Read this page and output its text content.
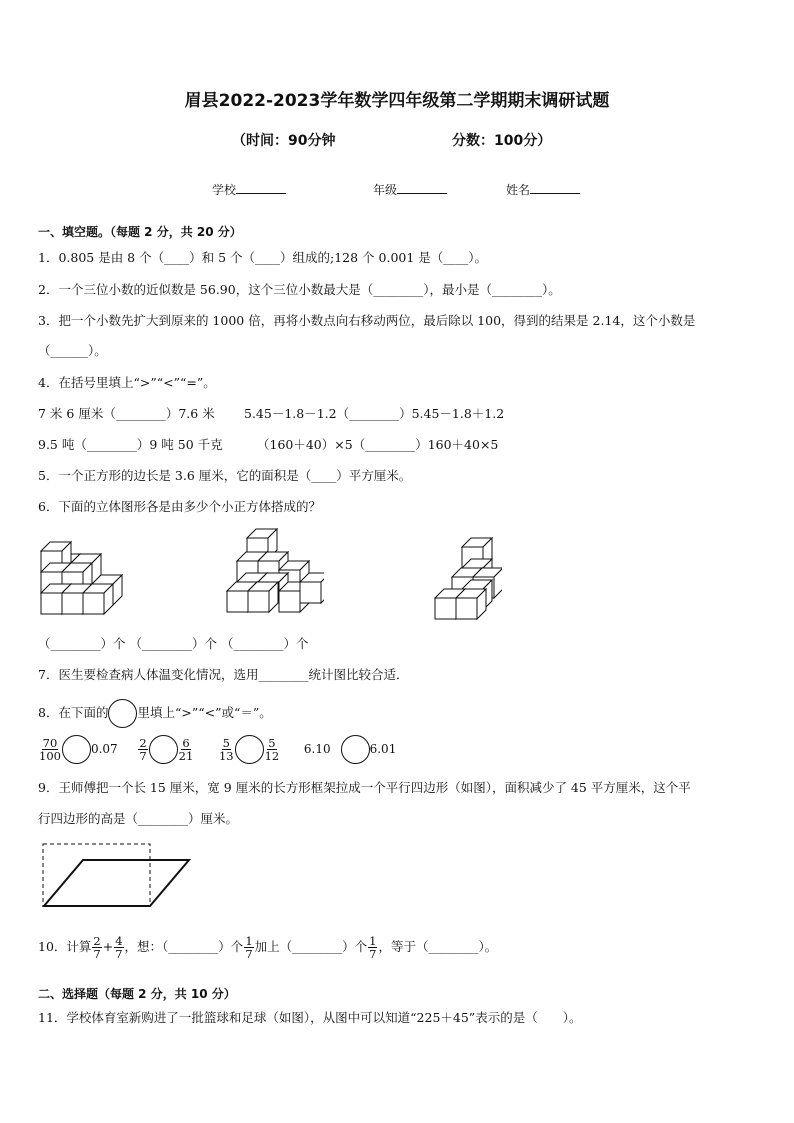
眉县2022-2023学年数学四年级第二学期期末调研试题
（时间：90分钟	分数：100分）
学校	年级	姓名
一、填空题。（每题 2 分，共 20 分）
1．0.805 是由 8 个（____）和 5 个（____）组成的;128 个 0.001 是（____）。
2．一个三位小数的近似数是 56.90，这个三位小数最大是（________），最小是（________）。
3．把一个小数先扩大到原来的 1000 倍，再将小数点向右移动两位，最后除以 100，得到的结果是 2.14，这个小数是
（______）。
4．在括号里填上“>”“<”“=”。
7 米 6 厘米（________）7.6 米 5.45－1.8－1.2（________）5.45－1.8＋1.2
9.5 吨（________）9 吨 50 千克	（160＋40）×5（________）160＋40×5
5．一个正方形的边长是 3.6 厘米，它的面积是（____）平方厘米。
6．下面的立体图形各是由多少个小正方体搭成的？
（________）个 （________）个 （________）个
7．医生要检查病人体温变化情况，选用________统计图比较合适．
8．在下面的 里填上“>”“<”或“＝”。
$\frac{70}{100}$	$0.07 \frac{2}{7}$	$\frac{6}{21}$
$\frac{5}{13}$	$\frac{5}{12} 6.10$	6.01
9．王师傅把一个长 15 厘米，宽 9 厘米的长方形框架拉成一个平行四边形（如图），面积减少了 45 平方厘米，这个平
行四边形的高是（________）厘米。
10．计算 $\frac{2}{7} + \frac{4}{7}$ ，想：（________）个 $\frac{1}{7}$ 加上（________）个 $\frac{1}{7}$ ，等于（________）。
二、选择题（每题 2 分，共 10 分）
11．学校体育室新购进了一批篮球和足球（如图），从图中可以知道“225＋45”表示的是（　　）。
